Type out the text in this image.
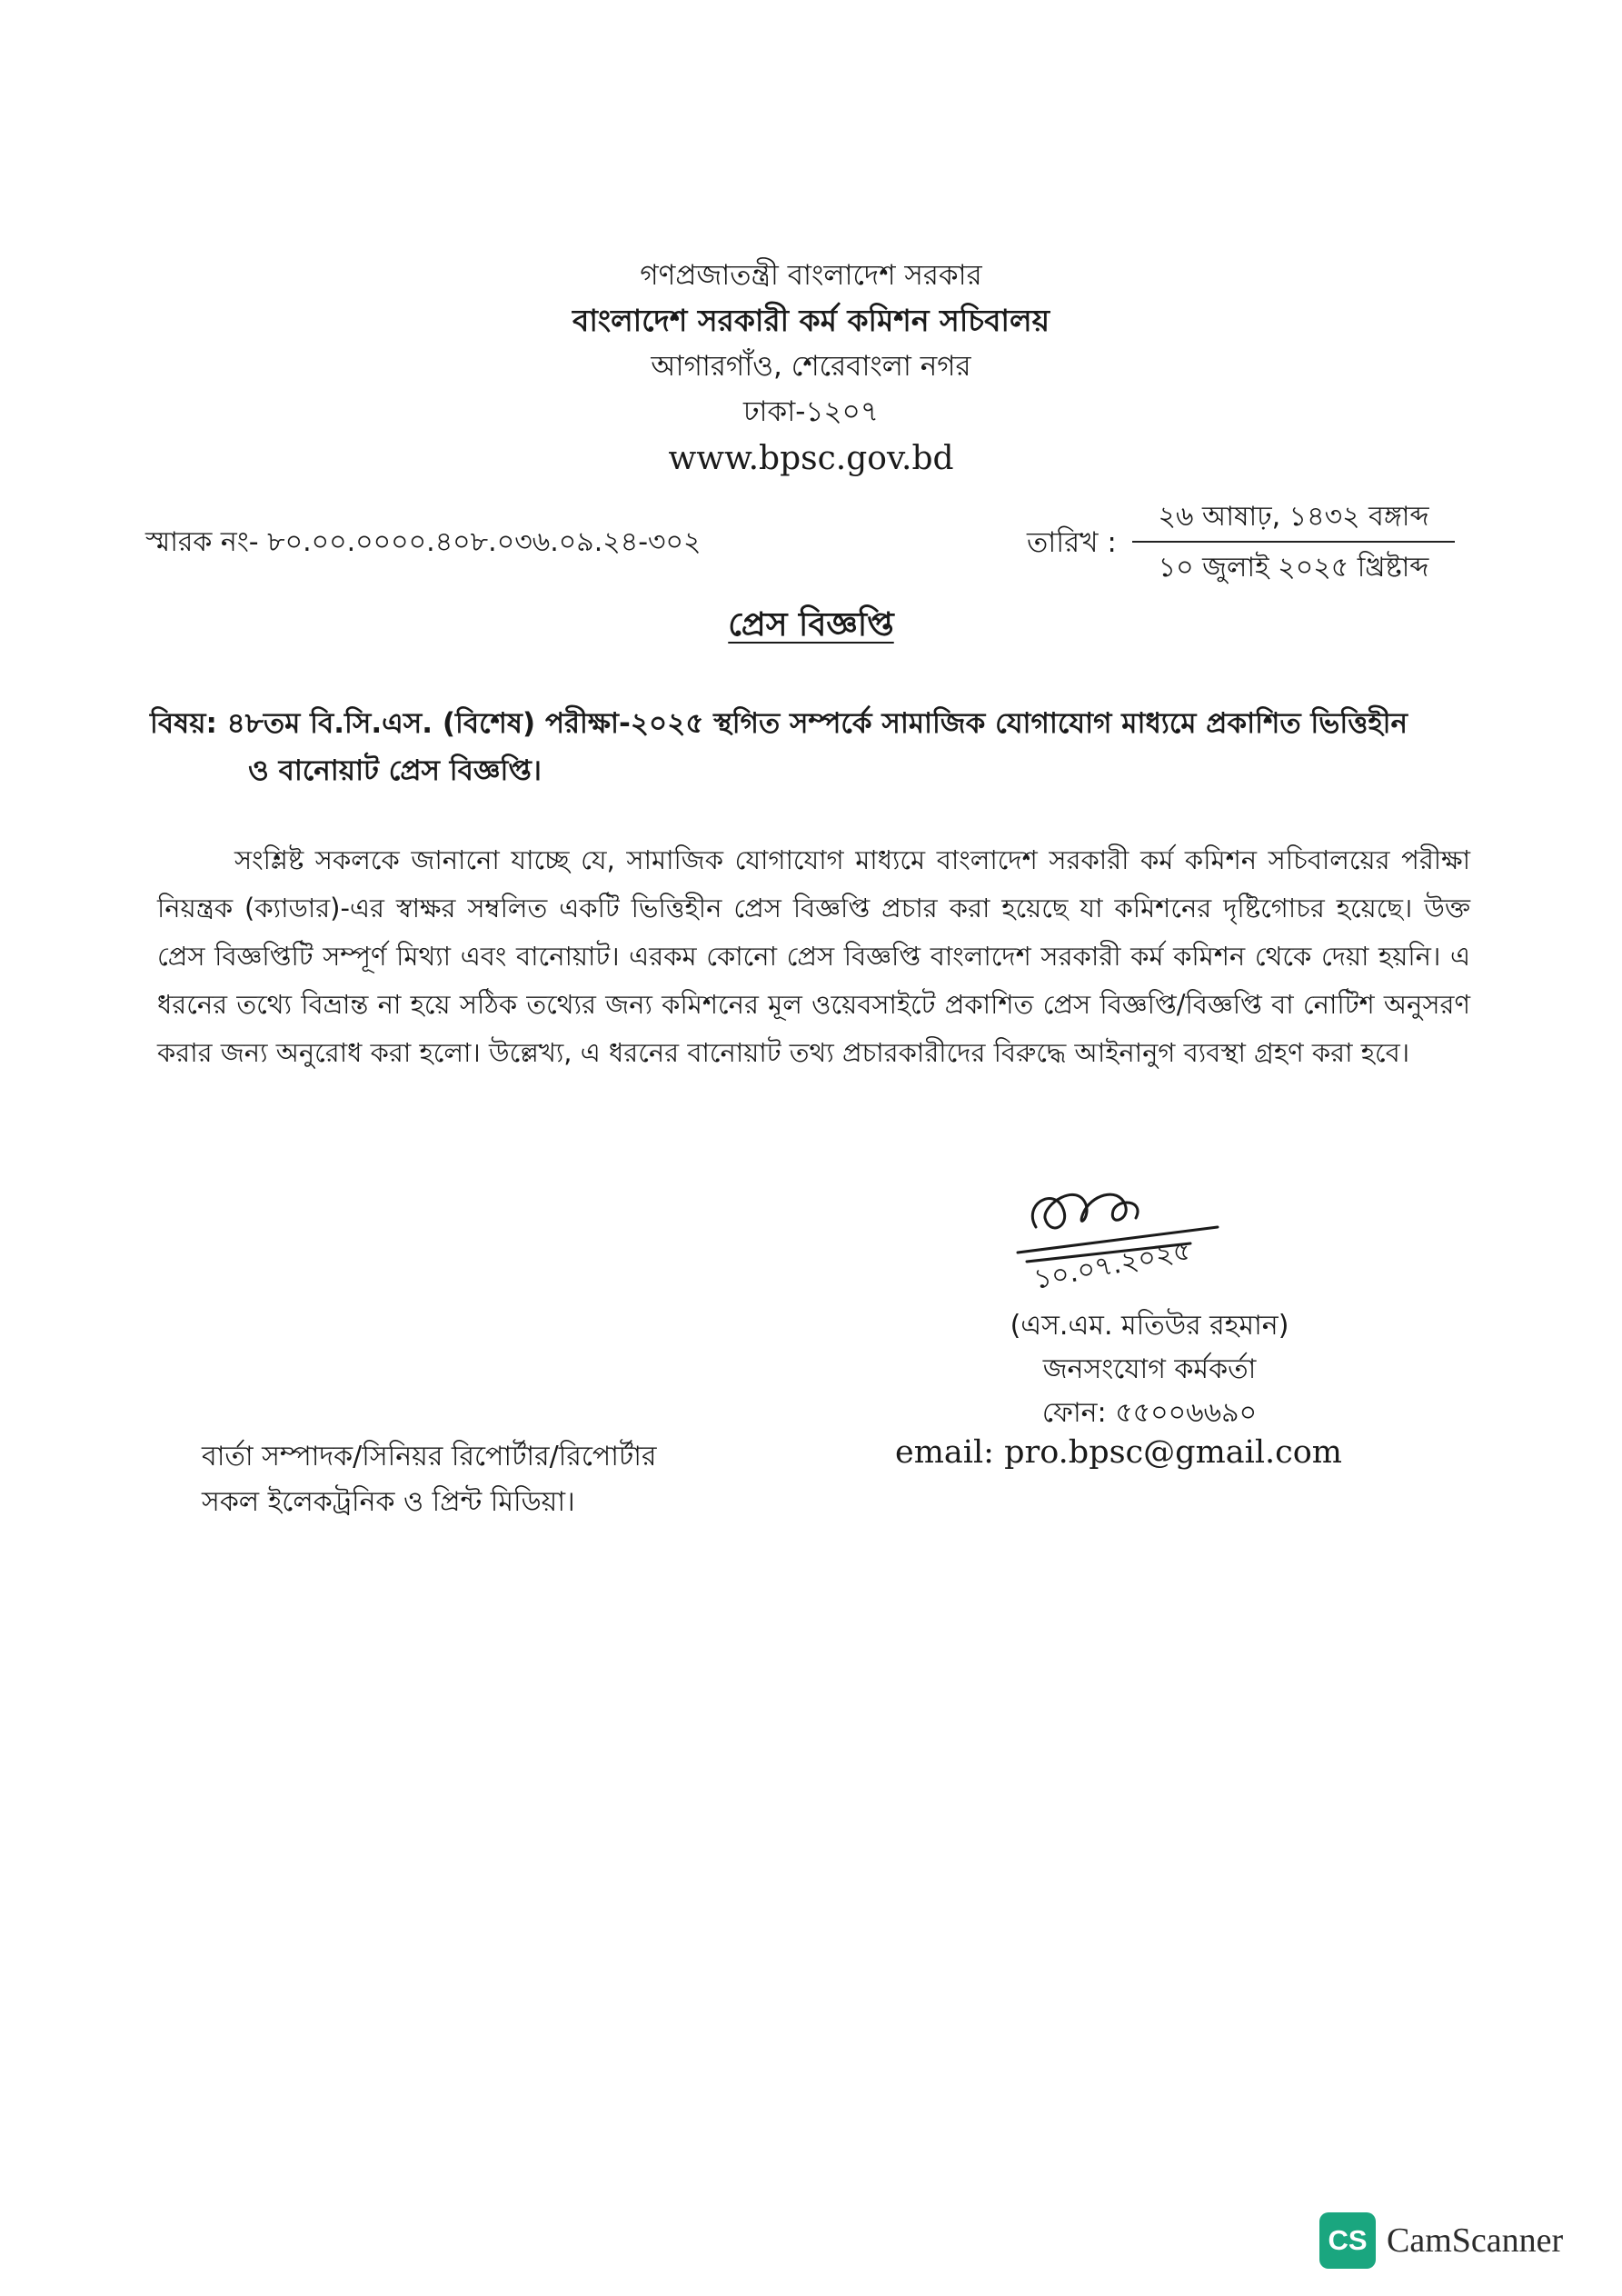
গণপ্রজাতন্ত্রী বাংলাদেশ সরকার
বাংলাদেশ সরকারী কর্ম কমিশন সচিবালয়
আগারগাঁও, শেরেবাংলা নগর
ঢাকা-১২০৭
www.bpsc.gov.bd
স্মারক নং- ৮০.০০.০০০০.৪০৮.০৩৬.০৯.২৪-৩০২	তারিখ :
২৬ আষাঢ়, ১৪৩২ বঙ্গাব্দ
১০ জুলাই ২০২৫ খ্রিষ্টাব্দ
প্রেস বিজ্ঞপ্তি
বিষয়: ৪৮তম বি.সি.এস. (বিশেষ) পরীক্ষা-২০২৫ স্থগিত সম্পর্কে সামাজিক যোগাযোগ মাধ্যমে প্রকাশিত ভিত্তিহীন
ও বানোয়াট প্রেস বিজ্ঞপ্তি।
সংশ্লিষ্ট সকলকে জানানো যাচ্ছে যে, সামাজিক যোগাযোগ মাধ্যমে বাংলাদেশ সরকারী কর্ম কমিশন সচিবালয়ের পরীক্ষা নিয়ন্ত্রক (ক্যাডার)-এর স্বাক্ষর সম্বলিত একটি ভিত্তিহীন প্রেস বিজ্ঞপ্তি প্রচার করা হয়েছে যা কমিশনের দৃষ্টিগোচর হয়েছে। উক্ত প্রেস বিজ্ঞপ্তিটি সম্পূর্ণ মিথ্যা এবং বানোয়াট। এরকম কোনো প্রেস বিজ্ঞপ্তি বাংলাদেশ সরকারী কর্ম কমিশন থেকে দেয়া হয়নি। এ ধরনের তথ্যে বিভ্রান্ত না হয়ে সঠিক তথ্যের জন্য কমিশনের মূল ওয়েবসাইটে প্রকাশিত প্রেস বিজ্ঞপ্তি/বিজ্ঞপ্তি বা নোটিশ অনুসরণ করার জন্য অনুরোধ করা হলো। উল্লেখ্য, এ ধরনের বানোয়াট তথ্য প্রচারকারীদের বিরুদ্ধে আইনানুগ ব্যবস্থা গ্রহণ করা হবে।
১০.০৭.২০২৫
(এস.এম. মতিউর রহমান)
জনসংযোগ কর্মকর্তা
ফোন: ৫৫০০৬৬৯০
email: pro.bpsc@gmail.com
বার্তা সম্পাদক/সিনিয়র রিপোর্টার/রিপোর্টার
সকল ইলেকট্রনিক ও প্রিন্ট মিডিয়া।
CS CamScanner
